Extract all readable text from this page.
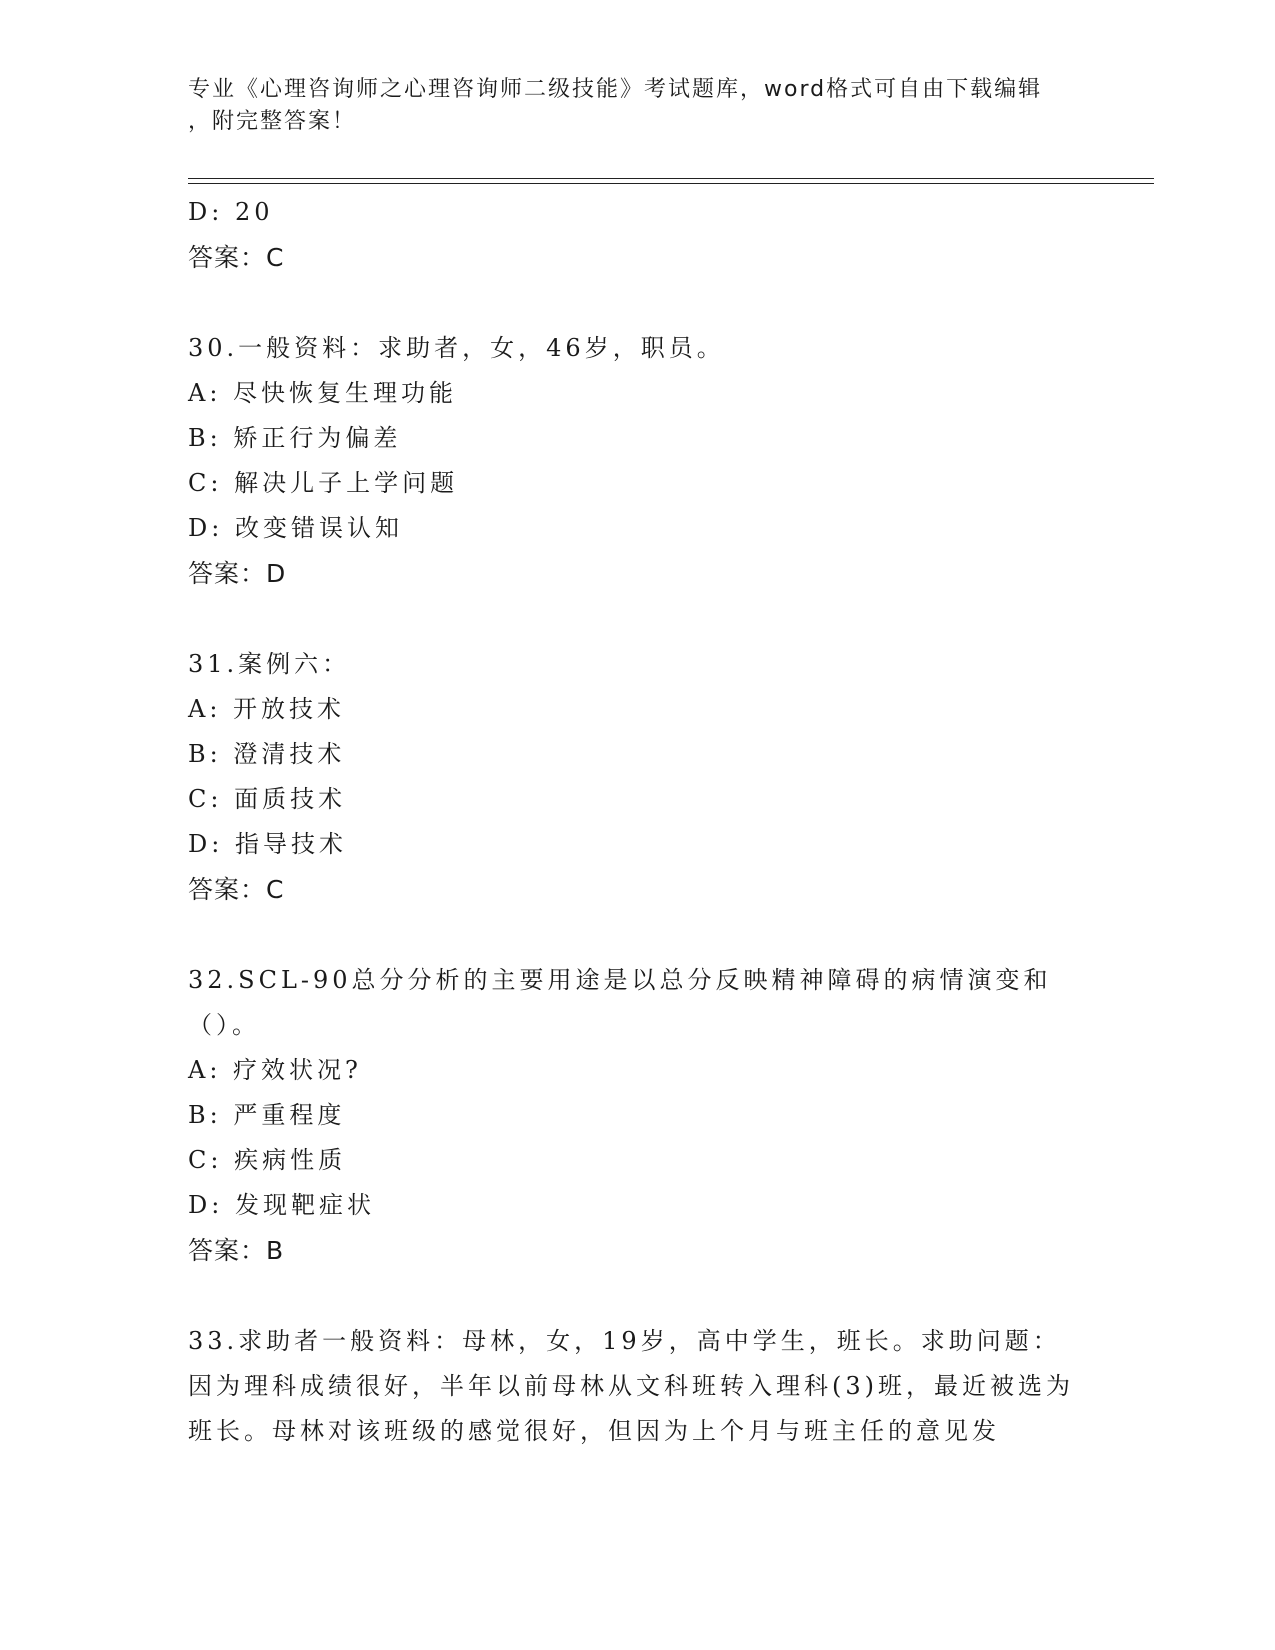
专业《心理咨询师之心理咨询师二级技能》考试题库，word格式可自由下载编辑
，附完整答案！
D: 20
答案：C
30.一般资料：求助者，女，46岁，职员。
A: 尽快恢复生理功能
B: 矫正行为偏差
C: 解决儿子上学问题
D: 改变错误认知
答案：D
31.案例六：
A: 开放技术
B: 澄清技术
C: 面质技术
D: 指导技术
答案：C
32.SCL-90总分分析的主要用途是以总分反映精神障碍的病情演变和（）。
A: 疗效状况?
B: 严重程度
C: 疾病性质
D: 发现靶症状
答案：B
33.求助者一般资料：母林，女，19岁，高中学生，班长。求助问题：因为理科成绩很好，半年以前母林从文科班转入理科(3)班，最近被选为班长。母林对该班级的感觉很好，但因为上个月与班主任的意见发
